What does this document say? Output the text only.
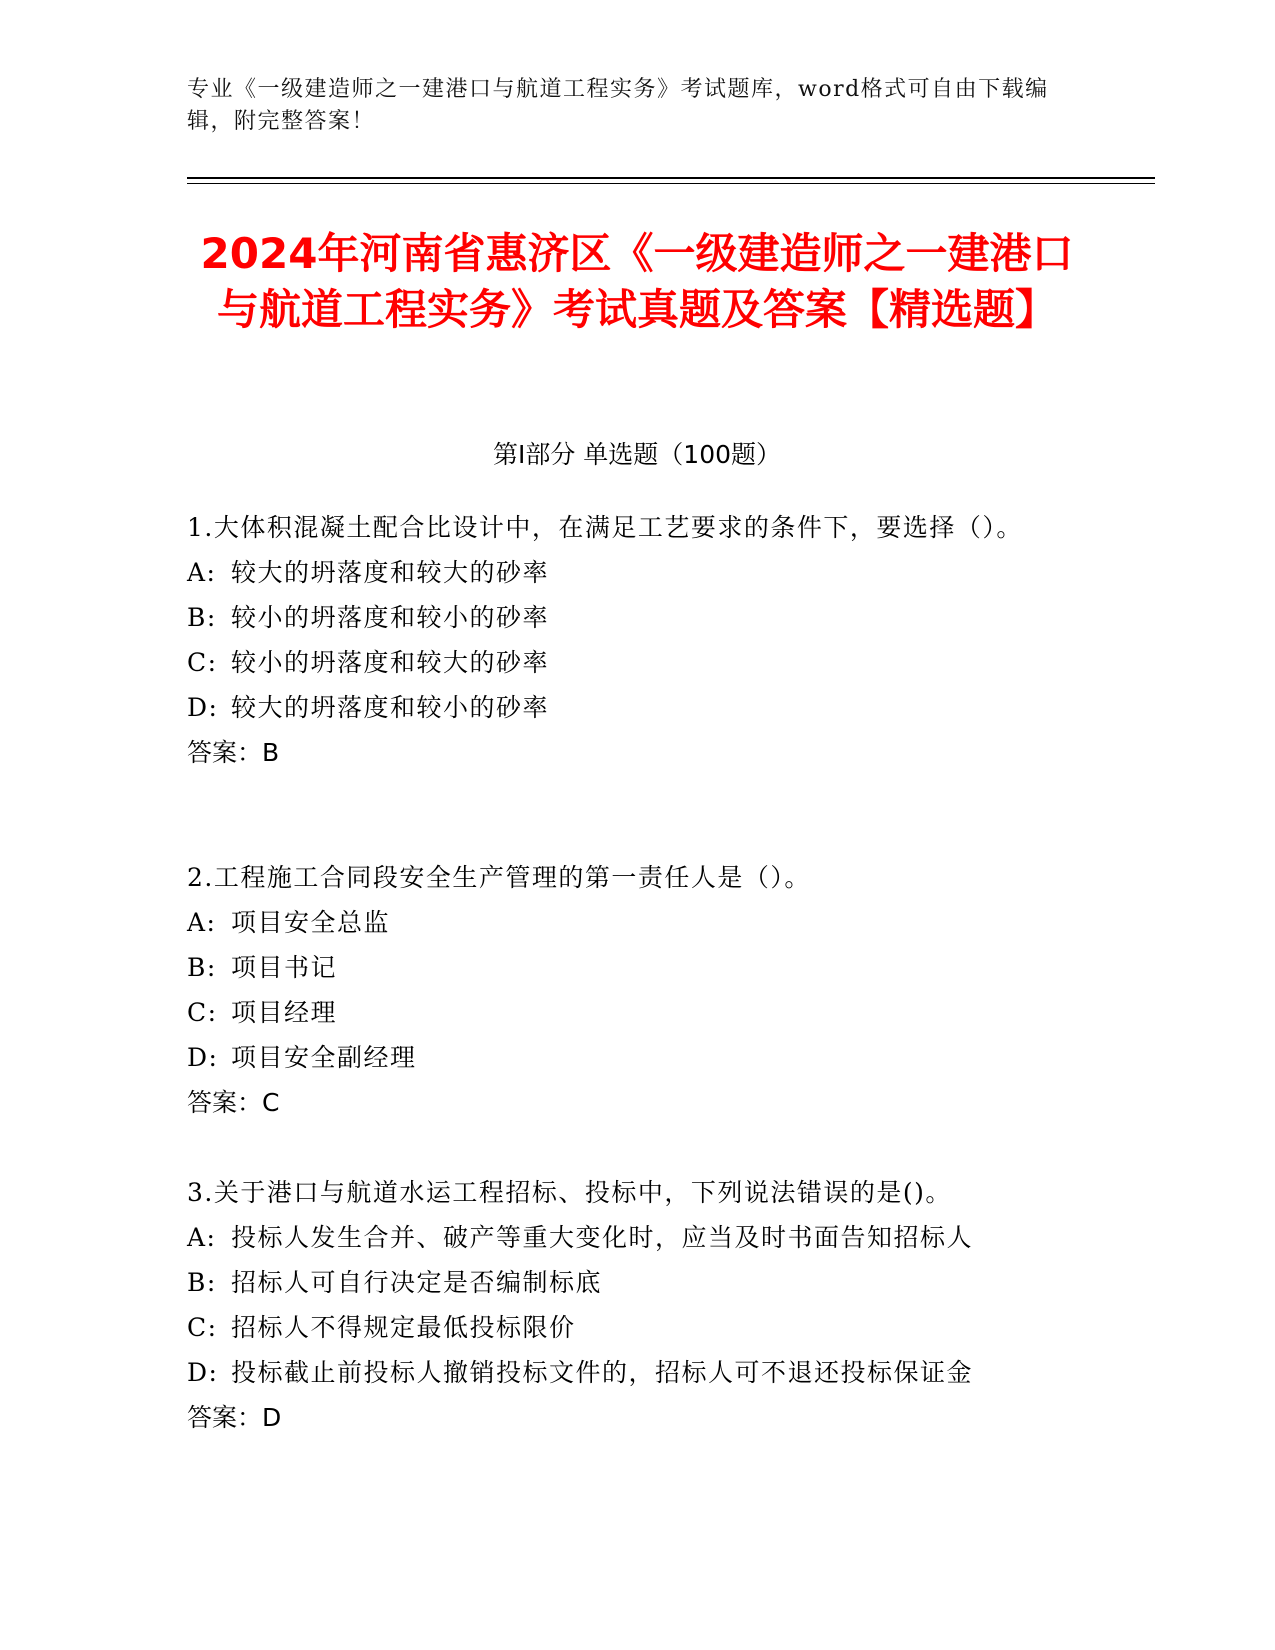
专业《一级建造师之一建港口与航道工程实务》考试题库，word格式可自由下载编辑，附完整答案！
2024年河南省惠济区《一级建造师之一建港口与航道工程实务》考试真题及答案【精选题】
第I部分 单选题（100题）

1.大体积混凝土配合比设计中，在满足工艺要求的条件下，要选择（）。

A: 较大的坍落度和较大的砂率

B: 较小的坍落度和较小的砂率

C: 较小的坍落度和较大的砂率

D: 较大的坍落度和较小的砂率

答案：B

2.工程施工合同段安全生产管理的第一责任人是（）。

A: 项目安全总监

B: 项目书记

C: 项目经理

D: 项目安全副经理

答案：C

3.关于港口与航道水运工程招标、投标中，下列说法错误的是()。

A: 投标人发生合并、破产等重大变化时，应当及时书面告知招标人

B: 招标人可自行决定是否编制标底

C: 招标人不得规定最低投标限价

D: 投标截止前投标人撤销投标文件的，招标人可不退还投标保证金

答案：D
